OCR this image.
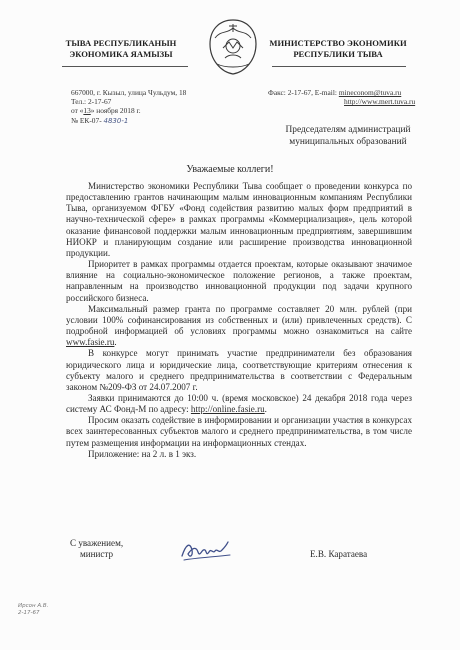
ТЫВА РЕСПУБЛИКАНЫН
ЭКОНОМИКА ЯАМЫЗЫ
МИНИСТЕРСТВО ЭКОНОМИКИ
РЕСПУБЛИКИ ТЫВА
667000, г. Кызыл, улица Чульдум, 18
Тел.: 2-17-67
от «13» ноября 2018 г.
№ ЕК-07- 4830-1
Факс: 2-17-67, E-mail: mineconom@tuva.ru
http://www.mert.tuva.ru
Председателям администраций
муниципальных образований
Уважаемые коллеги!

Министерство экономики Республики Тыва сообщает о проведении конкурса по предоставлению грантов начинающим малым инновационным компаниям Республики Тыва, организуемом ФГБУ «Фонд содействия развитию малых форм предприятий в научно-технической сфере» в рамках программы «Коммерциализация», цель которой оказание финансовой поддержки малым инновационным предприятиям, завершившим НИОКР и планирующим создание или расширение производства инновационной продукции.

Приоритет в рамках программы отдается проектам, которые оказывают значимое влияние на социально-экономическое положение регионов, а также проектам, направленным на производство инновационной продукции под задачи крупного российского бизнеса.

Максимальный размер гранта по программе составляет 20 млн. рублей (при условии 100% софинансирования из собственных и (или) привлеченных средств). С подробной информацией об условиях программы можно ознакомиться на сайте www.fasie.ru.

В конкурсе могут принимать участие предприниматели без образования юридического лица и юридические лица, соответствующие критериям отнесения к субъекту малого и среднего предпринимательства в соответствии с Федеральным законом №209-ФЗ от 24.07.2007 г.

Заявки принимаются до 10:00 ч. (время московское) 24 декабря 2018 года через систему АС Фонд-М по адресу: http://online.fasie.ru.

Просим оказать содействие в информировании и организации участия в конкурсах всех заинтересованных субъектов малого и среднего предпринимательства, в том числе путем размещения информации на информационных стендах.

Приложение: на 2 л. в 1 экз.

С уважением,
министр	Е.В. Каратаева
Ирсон А.В.
2-17-67
